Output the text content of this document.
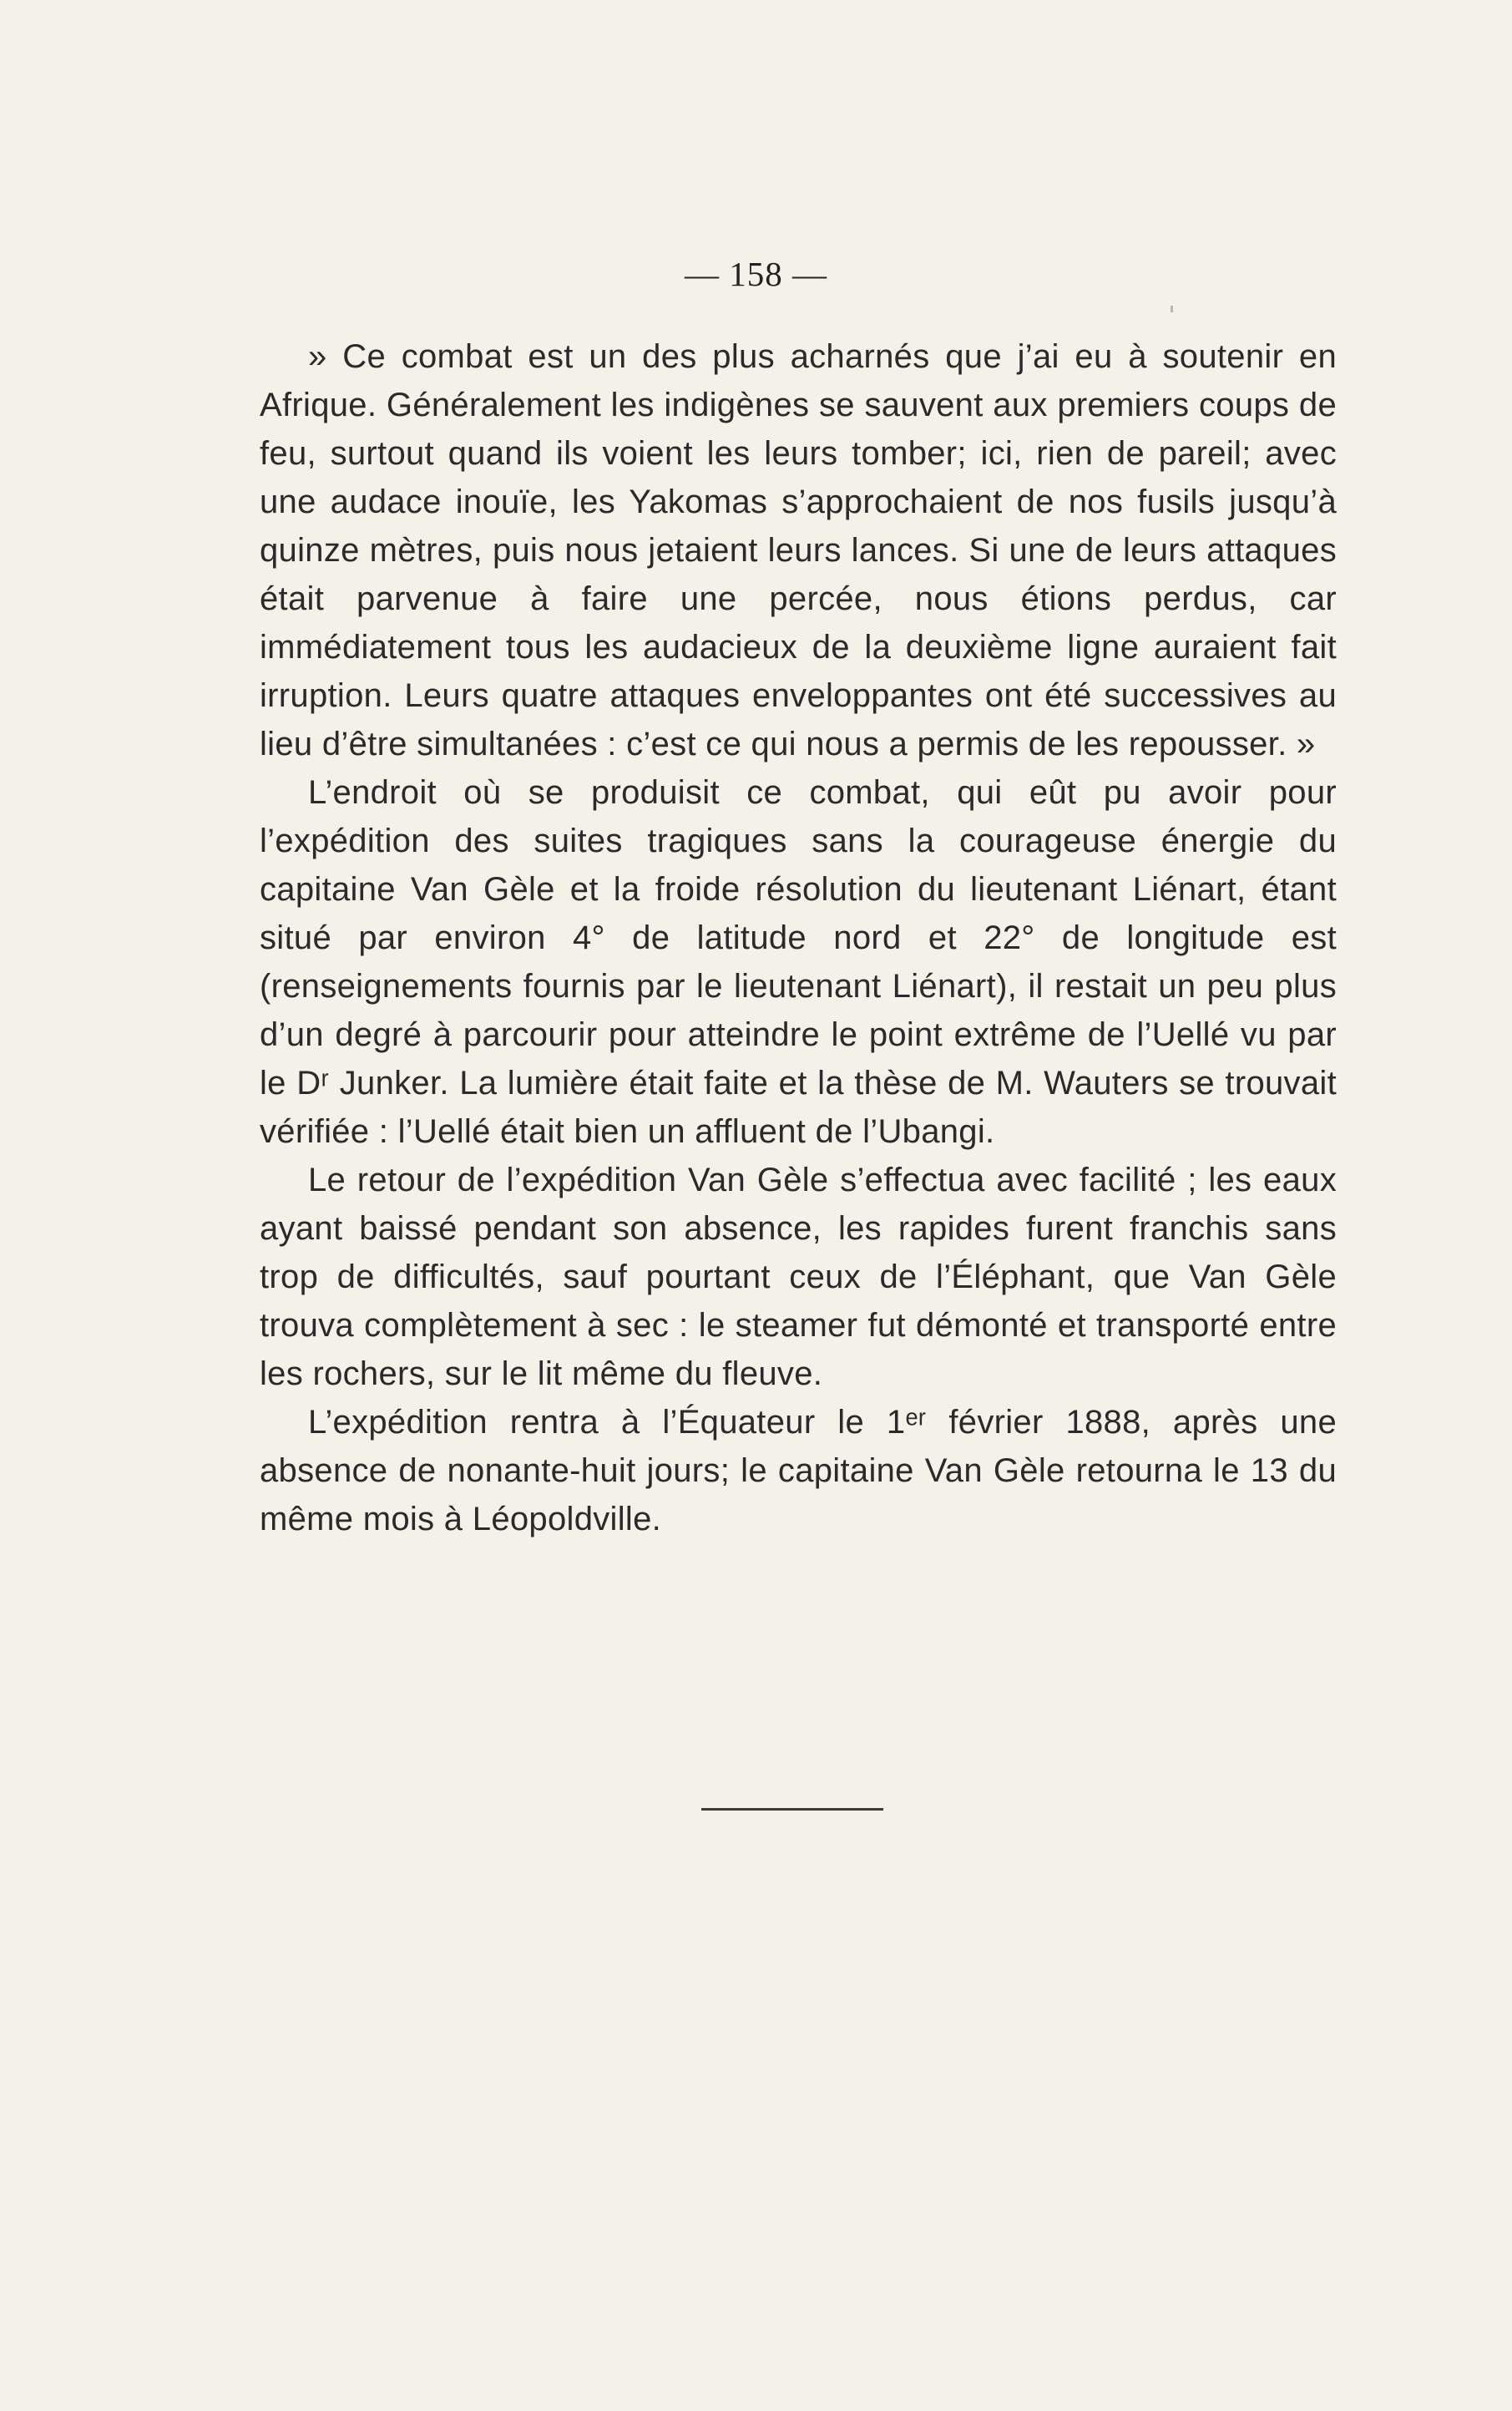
— 158 —

» Ce combat est un des plus acharnés que j’ai eu à soutenir en Afrique. Généralement les indigènes se sauvent aux premiers coups de feu, surtout quand ils voient les leurs tomber; ici, rien de pareil; avec une audace inouïe, les Yakomas s’approchaient de nos fusils jusqu’à quinze mètres, puis nous jetaient leurs lances. Si une de leurs attaques était parvenue à faire une percée, nous étions perdus, car immédiatement tous les audacieux de la deuxième ligne auraient fait irruption. Leurs quatre attaques enveloppantes ont été successives au lieu d’être simultanées : c’est ce qui nous a permis de les repousser. »

L’endroit où se produisit ce combat, qui eût pu avoir pour l’expédition des suites tragiques sans la courageuse énergie du capitaine Van Gèle et la froide résolution du lieutenant Liénart, étant situé par environ 4° de latitude nord et 22° de longitude est (renseignements fournis par le lieutenant Liénart), il restait un peu plus d’un degré à parcourir pour atteindre le point extrême de l’Uellé vu par le Dʳ Junker. La lumière était faite et la thèse de M. Wauters se trouvait vérifiée : l’Uellé était bien un affluent de l’Ubangi.

Le retour de l’expédition Van Gèle s’effectua avec facilité ; les eaux ayant baissé pendant son absence, les rapides furent franchis sans trop de difficultés, sauf pourtant ceux de l’Éléphant, que Van Gèle trouva complètement à sec : le steamer fut démonté et transporté entre les rochers, sur le lit même du fleuve.

L’expédition rentra à l’Équateur le 1ᵉʳ février 1888, après une absence de nonante-huit jours; le capitaine Van Gèle retourna le 13 du même mois à Léopoldville.
